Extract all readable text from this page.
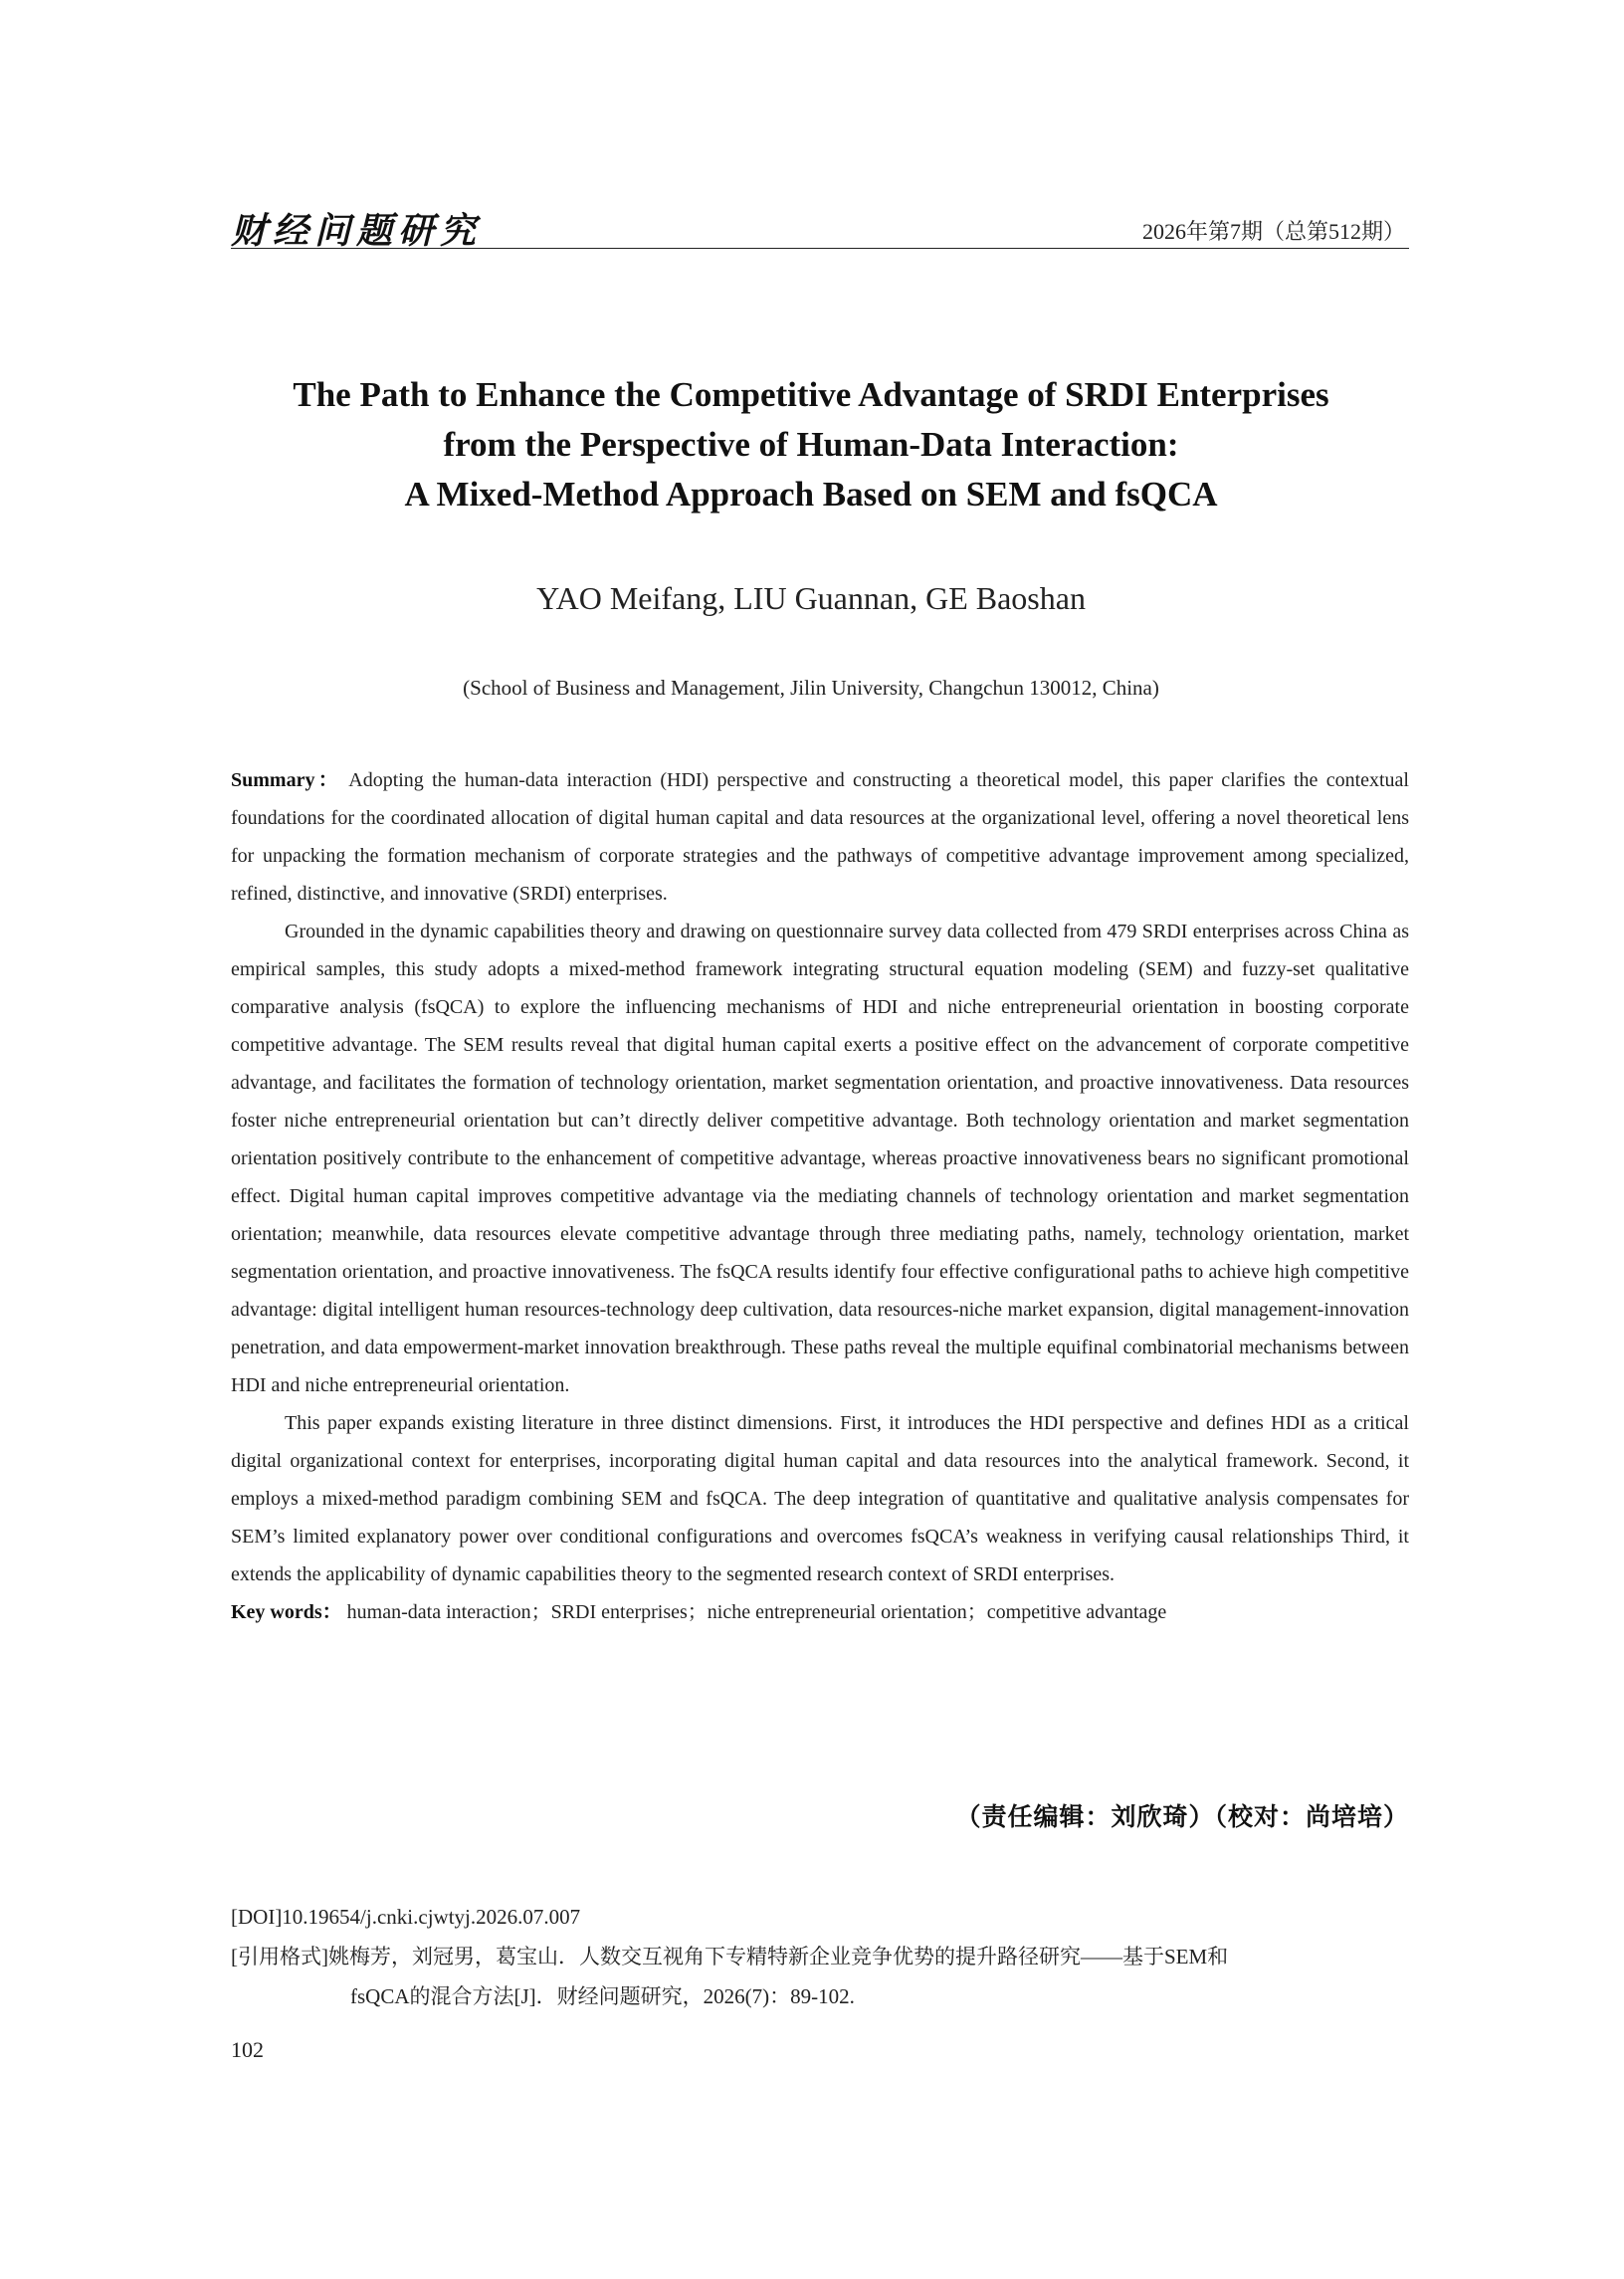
财经问题研究	2026年第7期（总第512期）
The Path to Enhance the Competitive Advantage of SRDI Enterprises
from the Perspective of Human-Data Interaction:
A Mixed-Method Approach Based on SEM and fsQCA
YAO Meifang, LIU Guannan, GE Baoshan
(School of Business and Management, Jilin University, Changchun 130012, China)

Summary： Adopting the human-data interaction (HDI) perspective and constructing a theoretical model, this paper clarifies the contextual foundations for the coordinated allocation of digital human capital and data resources at the organizational level, offering a novel theoretical lens for unpacking the formation mechanism of corporate strategies and the pathways of competitive advantage improvement among specialized, refined, distinctive, and innovative (SRDI) enterprises.

Grounded in the dynamic capabilities theory and drawing on questionnaire survey data collected from 479 SRDI enterprises across China as empirical samples, this study adopts a mixed-method framework integrating structural equation modeling (SEM) and fuzzy-set qualitative comparative analysis (fsQCA) to explore the influencing mechanisms of HDI and niche entrepreneurial orientation in boosting corporate competitive advantage. The SEM results reveal that digital human capital exerts a positive effect on the advancement of corporate competitive advantage, and facilitates the formation of technology orientation, market segmentation orientation, and proactive innovativeness. Data resources foster niche entrepreneurial orientation but can’t directly deliver competitive advantage. Both technology orientation and market segmentation orientation positively contribute to the enhancement of competitive advantage, whereas proactive innovativeness bears no significant promotional effect. Digital human capital improves competitive advantage via the mediating channels of technology orientation and market segmentation orientation; meanwhile, data resources elevate competitive advantage through three mediating paths, namely, technology orientation, market segmentation orientation, and proactive innovativeness. The fsQCA results identify four effective configurational paths to achieve high competitive advantage: digital intelligent human resources-technology deep cultivation, data resources-niche market expansion, digital management-innovation penetration, and data empowerment-market innovation breakthrough. These paths reveal the multiple equifinal combinatorial mechanisms between HDI and niche entrepreneurial orientation.

This paper expands existing literature in three distinct dimensions. First, it introduces the HDI perspective and defines HDI as a critical digital organizational context for enterprises, incorporating digital human capital and data resources into the analytical framework. Second, it employs a mixed-method paradigm combining SEM and fsQCA. The deep integration of quantitative and qualitative analysis compensates for SEM’s limited explanatory power over conditional configurations and overcomes fsQCA’s weakness in verifying causal relationships Third, it extends the applicability of dynamic capabilities theory to the segmented research context of SRDI enterprises.

Key words： human-data interaction；SRDI enterprises；niche entrepreneurial orientation；competitive advantage

（责任编辑：刘欣琦）（校对：尚培培）
[DOI]10.19654/j.cnki.cjwtyj.2026.07.007
[引用格式]姚梅芳，刘冠男，葛宝山．人数交互视角下专精特新企业竞争优势的提升路径研究——基于SEM和
fsQCA的混合方法[J]．财经问题研究，2026(7)：89-102.
102
